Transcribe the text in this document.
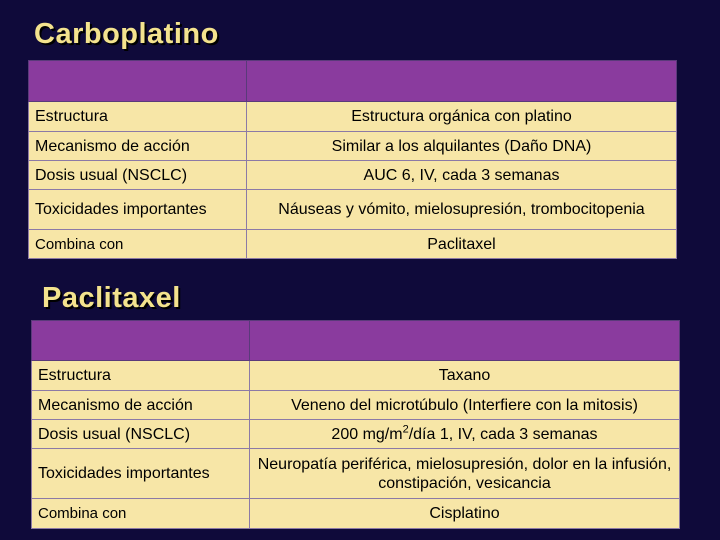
Carboplatino

Estructura	Estructura orgánica con platino
Mecanismo de acción	Similar a los alquilantes (Daño DNA)
Dosis usual (NSCLC)	AUC 6, IV, cada 3 semanas
Toxicidades importantes	Náuseas y vómito, mielosupresión, trombocitopenia
Combina con	Paclitaxel
Paclitaxel

Estructura	Taxano
Mecanismo de acción	Veneno del microtúbulo (Interfiere con la mitosis)
Dosis usual (NSCLC)	200 $mg/m^2$/día 1, IV, cada 3 semanas
Toxicidades importantes	Neuropatía periférica, mielosupresión, dolor en la infusión, constipación, vesicancia
Combina con	Cisplatino
